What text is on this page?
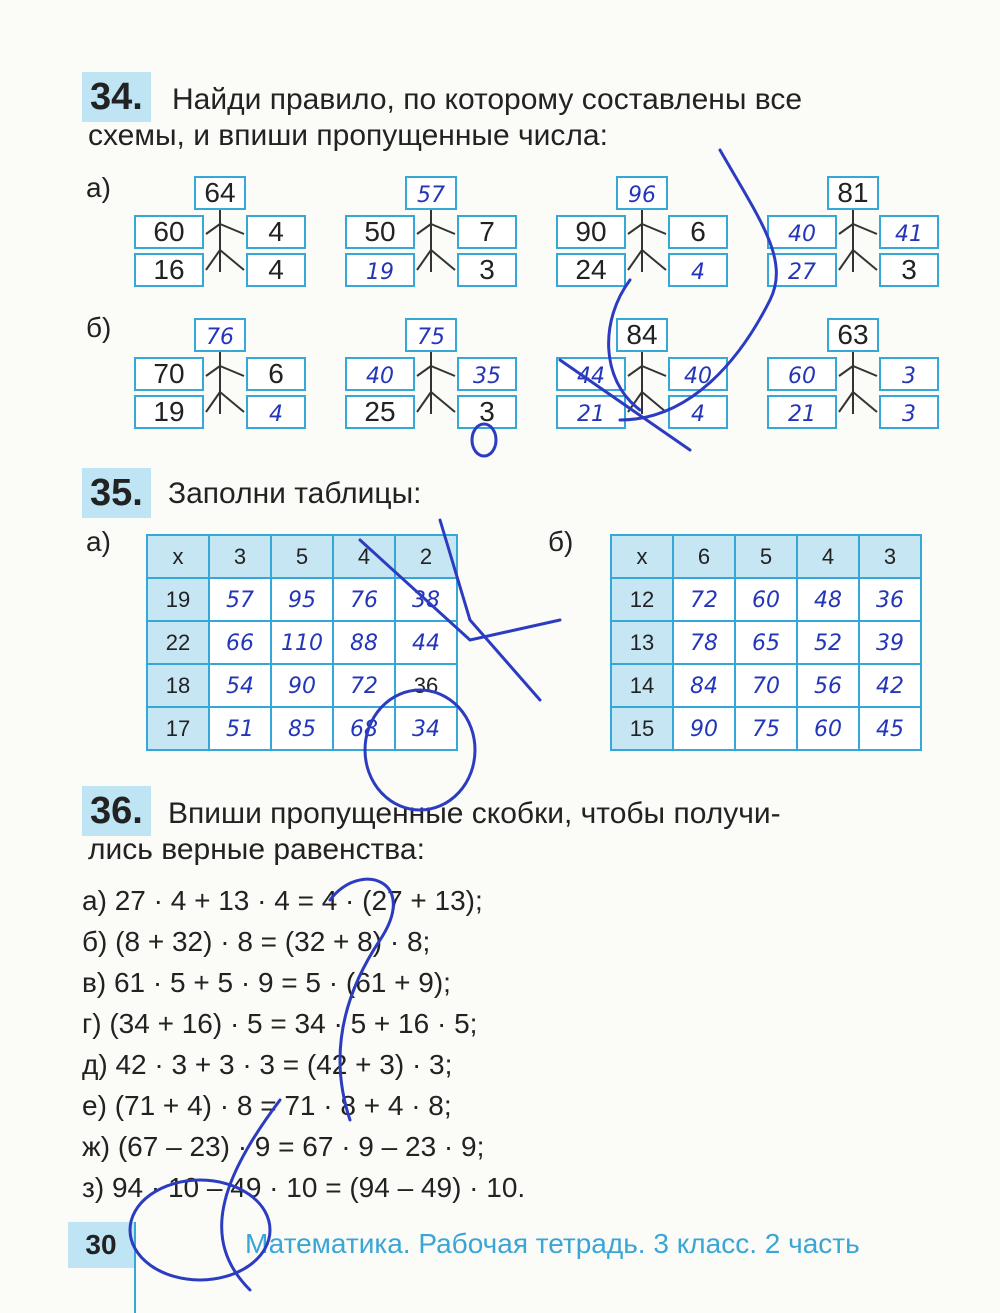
34. Найди правило, по которому составлены все
схемы, и впиши пропущенные числа:
а)
б)
64
60	4
16	4
57
50	7
19	3
96
90	6
24	4
81
40	41
27	3
76
70	6
19	4
75
40	35
25	3
84
44	40
21	4
63
60	3
21	3
35. Заполни таблицы:
а)	б)
х	3	5	4	2
19	57	95	76	38
22	66	110	88	44
18	54	90	72	36
17	51	85	68	34
х	6	5	4	3
12	72	60	48	36
13	78	65	52	39
14	84	70	56	42
15	90	75	60	45
36. Впиши пропущенные скобки, чтобы получи-
лись верные равенства:
а) 27 · 4 + 13 · 4 = 4 · (27 + 13);
б) (8 + 32) · 8 = (32 + 8) · 8;
в) 61 · 5 + 5 · 9 = 5 · (61 + 9);
г) (34 + 16) · 5 = 34 · 5 + 16 · 5;
д) 42 · 3 + 3 · 3 = (42 + 3) · 3;
е) (71 + 4) · 8 = 71 · 8 + 4 · 8;
ж) (67 – 23) · 9 = 67 · 9 – 23 · 9;
з) 94 · 10 – 49 · 10 = (94 – 49) · 10.
30	Математика. Рабочая тетрадь. 3 класс. 2 часть
